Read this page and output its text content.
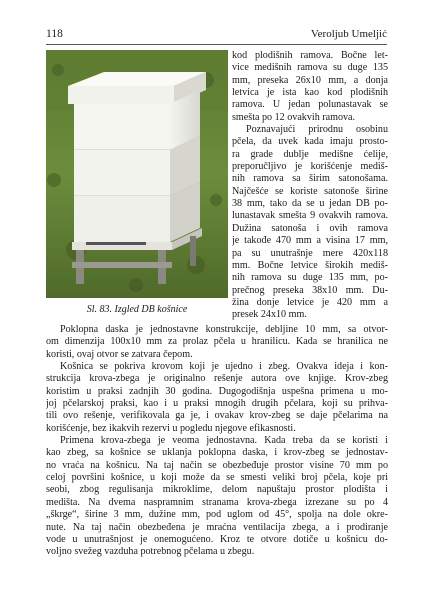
118	Veroljub Umeljić
Sl. 83. Izgled DB košnice
kod plodišnih ramova. Bočne let-
vice medišnih ramova su duge 135
mm, preseka 26x10 mm, a donja
letvica je ista kao kod plodišnih
ramova. U jedan polunastavak se
smešta po 12 ovakvih ramova.
Poznavajući prirodnu osobinu
pčela, da uvek kada imaju prosto-
ra grade dublje medišne ćelije,
preporučljivo je korišćenje mediš-
nih ramova sa širim satonošama.
Najčešće se koriste satonoše širine
38 mm, tako da se u jedan DB po-
lunastavak smešta 9 ovakvih ramova.
Dužina satonoša i ovih ramova
je takođe 470 mm a visina 17 mm,
pa su unutrašnje mere 420x118
mm. Bočne letvice širokih mediš-
nih ramova su duge 135 mm, po-
prečnog preseka 38x10 mm. Du-
žina donje letvice je 420 mm a
presek 24x10 mm.
Poklopna daska je jednostavne konstrukcije, debljine 10 mm, sa otvor-
om dimenzija 100x10 mm za prolaz pčela u hranilicu. Kada se hranilica ne
koristi, ovaj otvor se zatvara čepom.
Košnica se pokriva krovom koji je ujedno i zbeg. Ovakva ideja i kon-
strukcija krova-zbega je originalno rešenje autora ove knjige. Krov-zbeg
koristim u praksi zadnjih 30 godina. Dugogodišnja uspešna primena u mo-
joj pčelarskoj praksi, kao i u praksi mnogih drugih pčelara, koji su prihva-
tili ovo rešenje, verifikovala ga je, i ovakav krov-zbeg se daje pčelarima na
korišćenje, bez ikakvih rezervi u pogledu njegove efikasnosti.
Primena krova-zbega je veoma jednostavna. Kada treba da se koristi i
kao zbeg, sa košnice se uklanja poklopna daska, i krov-zbeg se jednostav-
no vraća na košnicu. Na taj način se obezbeđuje prostor visine 70 mm po
celoj površini košnice, u koji može da se smesti veliki broj pčela, koje pri
seobi, zbog regulisanja mikroklime, delom napuštaju prostor plodišta i
medišta. Na dvema naspramnim stranama krova-zbega izrezane su po 4
„škrge“, širine 3 mm, dužine mm, pod uglom od 45°, spolja na dole okre-
nute. Na taj način obezbeđena je mraćna ventilacija zbega, a i prodiranje
vode u unutrašnjost je onemogućeno. Kroz te otvore dotiče u košnicu do-
voljno svežeg vazduha potrebnog pčelama u zbegu.
